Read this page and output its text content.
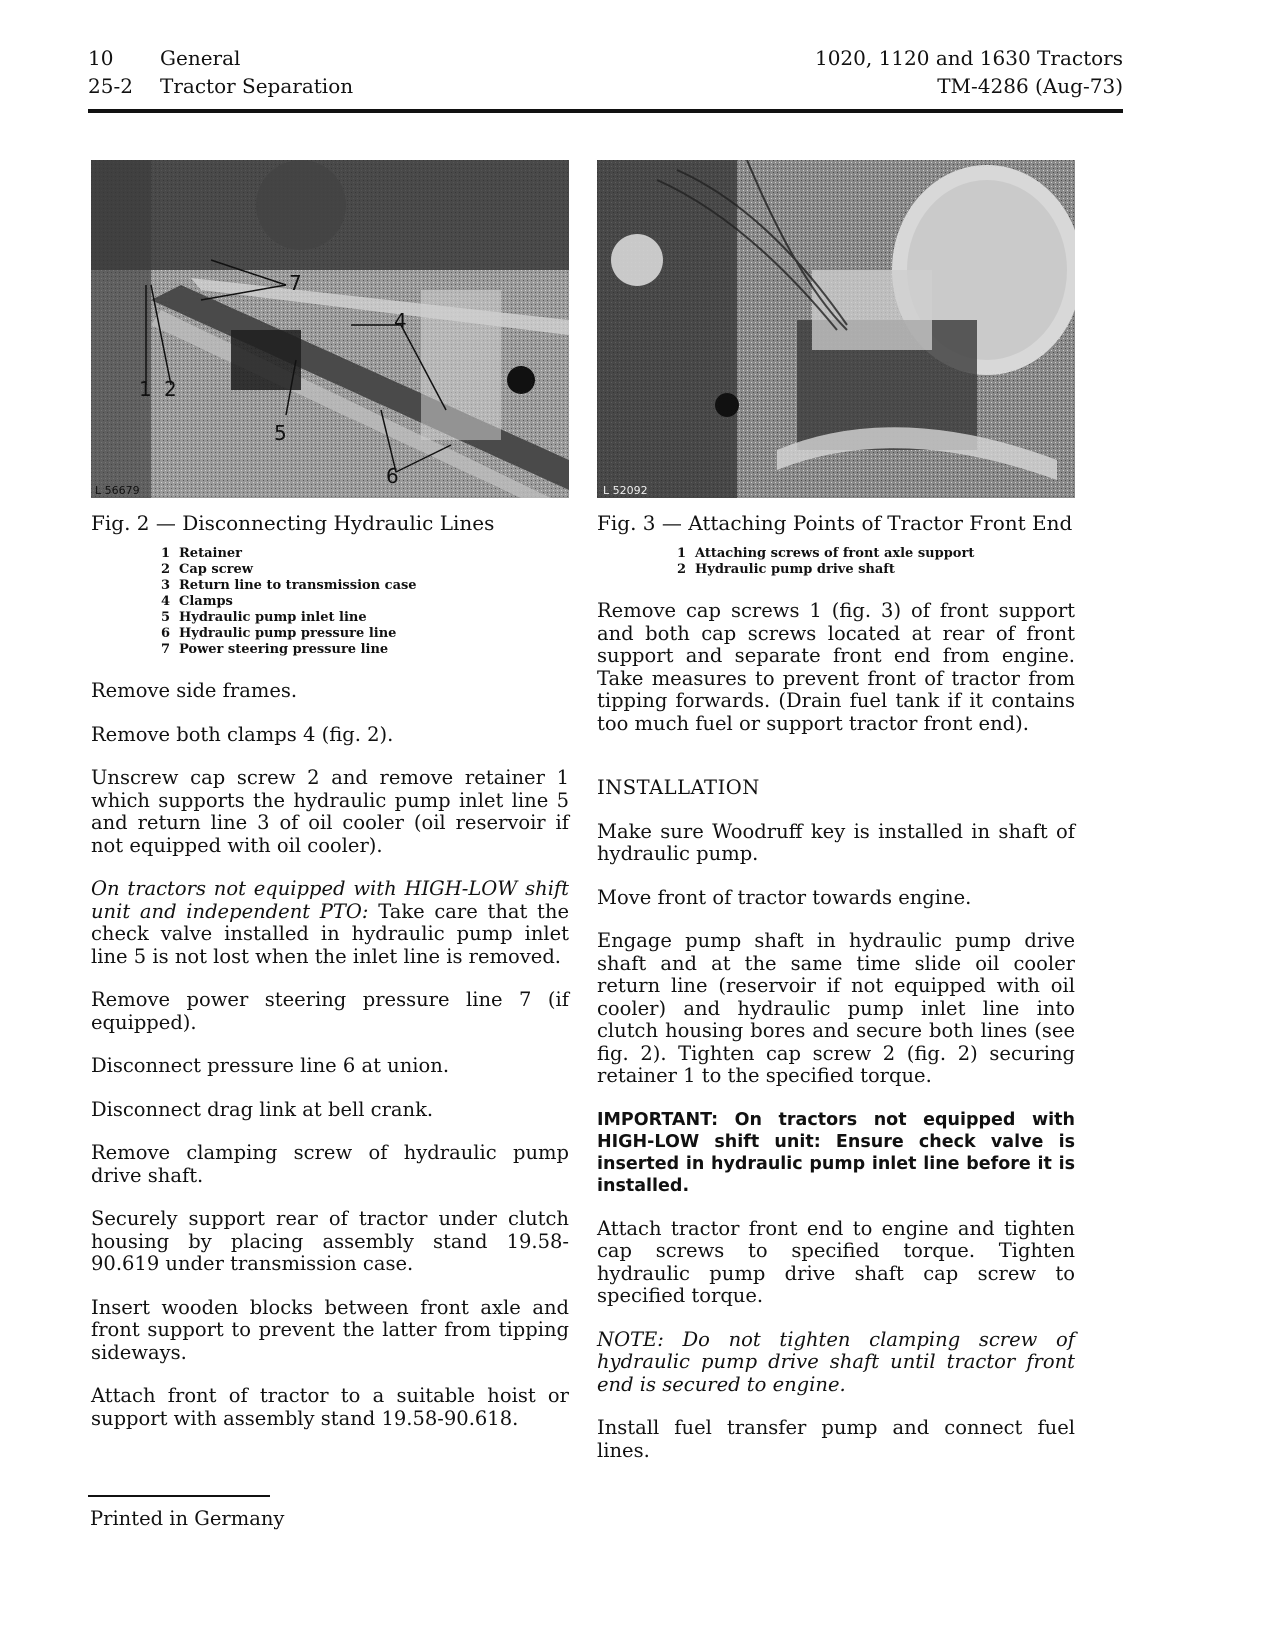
10 General
25-2 Tractor Separation
1020, 1120 and 1630 Tractors
TM-4286 (Aug-73)
1 2
4
5
6
7
L 56679
Fig. 2 — Disconnecting Hydraulic Lines
1 Retainer
2 Cap screw
3 Return line to transmission case
4 Clamps
5 Hydraulic pump inlet line
6 Hydraulic pump pressure line
7 Power steering pressure line

Remove side frames.

Remove both clamps 4 (fig. 2).

Unscrew cap screw 2 and remove retainer 1 which supports the hydraulic pump inlet line 5 and return line 3 of oil cooler (oil reservoir if not equipped with oil cooler).

On tractors not equipped with HIGH-LOW shift unit and independent PTO: Take care that the check valve installed in hydraulic pump inlet line 5 is not lost when the inlet line is removed.

Remove power steering pressure line 7 (if equipped).

Disconnect pressure line 6 at union.

Disconnect drag link at bell crank.

Remove clamping screw of hydraulic pump drive shaft.

Securely support rear of tractor under clutch housing by placing assembly stand 19.58-90.619 under transmission case.

Insert wooden blocks between front axle and front support to prevent the latter from tipping sideways.

Attach front of tractor to a suitable hoist or support with assembly stand 19.58-90.618.

L 52092
Fig. 3 — Attaching Points of Tractor Front End
1 Attaching screws of front axle support
2 Hydraulic pump drive shaft

Remove cap screws 1 (fig. 3) of front support and both cap screws located at rear of front support and separate front end from engine. Take measures to prevent front of tractor from tipping forwards. (Drain fuel tank if it contains too much fuel or support tractor front end).

INSTALLATION

Make sure Woodruff key is installed in shaft of hydraulic pump.

Move front of tractor towards engine.

Engage pump shaft in hydraulic pump drive shaft and at the same time slide oil cooler return line (reservoir if not equipped with oil cooler) and hydraulic pump inlet line into clutch housing bores and secure both lines (see fig. 2). Tighten cap screw 2 (fig. 2) securing retainer 1 to the specified torque.

IMPORTANT: On tractors not equipped with HIGH-LOW shift unit: Ensure check valve is inserted in hydraulic pump inlet line before it is installed.

Attach tractor front end to engine and tighten cap screws to specified torque. Tighten hydraulic pump drive shaft cap screw to specified torque.

NOTE: Do not tighten clamping screw of hydraulic pump drive shaft until tractor front end is secured to engine.

Install fuel transfer pump and connect fuel lines.

Printed in Germany
